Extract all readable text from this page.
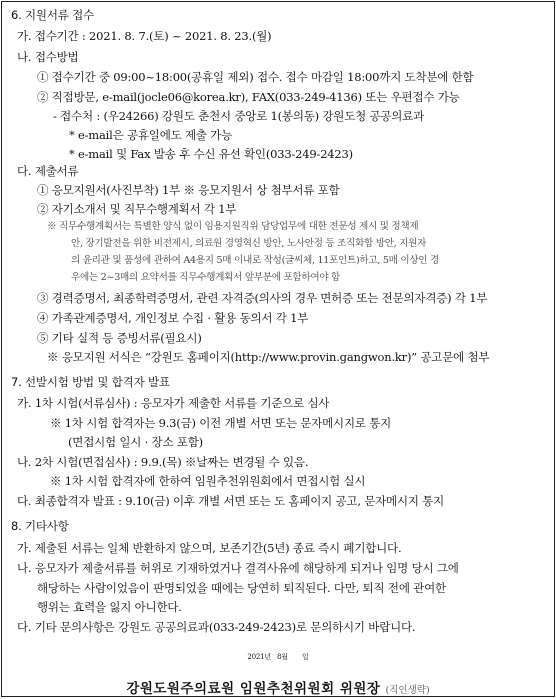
6. 지원서류 접수
가. 접수기간 : 2021. 8. 7.(토) ~ 2021. 8. 23.(월)
나. 접수방법
① 접수기간 중 09:00~18:00(공휴일 제외) 접수. 접수 마감일 18:00까지 도착분에 한함
② 직접방문, e-mail(jocle06@korea.kr), FAX(033-249-4136) 또는 우편접수 가능
- 접수처 : (우24266) 강원도 춘천시 중앙로 1(봉의동) 강원도청 공공의료과
* e-mail은 공휴일에도 제출 가능
* e-mail 및 Fax 발송 후 수신 유선 확인(033-249-2423)
다. 제출서류
① 응모지원서(사진부착) 1부 ※ 응모지원서 상 첨부서류 포함
② 자기소개서 및 직무수행계획서 각 1부
※ 직무수행계획서는 특별한 양식 없이 임용지원직위 담당업무에 대한 전문성 제시 및 정책제
안, 장기발전을 위한 비전제시, 의료원 경영혁신 방안, 노사안정 등 조직화합 방안, 지원자
의 윤리관 및 품성에 관하여 A4용지 5매 이내로 작성(글씨체, 11포인트)하고, 5매 이상인 경
우에는 2~3매의 요약서를 직무수행계획서 앞부분에 포함하여야 함
③ 경력증명서, 최종학력증명서, 관련 자격증(의사의 경우 면허증 또는 전문의자격증) 각 1부
④ 가족관계증명서, 개인정보 수집 · 활용 동의서 각 1부
⑤ 기타 실적 등 증빙서류(필요시)
※ 응모지원 서식은 “강원도 홈페이지(http://www.provin.gangwon.kr)” 공고문에 첨부
7. 선발시험 방법 및 합격자 발표
가. 1차 시험(서류심사) : 응모자가 제출한 서류를 기준으로 심사
※ 1차 시험 합격자는 9.3(금) 이전 개별 서면 또는 문자메시지로 통지
(면접시험 일시 · 장소 포함)
나. 2차 시험(면접심사) : 9.9.(목) ※날짜는 변경될 수 있음.
※ 1차 시험 합격자에 한하여 임원추천위원회에서 면접시험 실시
다. 최종합격자 발표 : 9.10(금) 이후 개별 서면 또는 도 홈페이지 공고, 문자메시지 통지
8. 기타사항
가. 제출된 서류는 일체 반환하지 않으며, 보존기간(5년) 종료 즉시 폐기합니다.
나. 응모자가 제출서류를 허위로 기재하였거나 결격사유에 해당하게 되거나 임명 당시 그에
해당하는 사람이었음이 판명되었을 때에는 당연히 퇴직된다. 다만, 퇴직 전에 관여한
행위는 효력을 잃지 아니한다.
다. 기타 문의사항은 강원도 공공의료과(033-249-2423)로 문의하시기 바랍니다.
2021년   8월       일
강원도원주의료원 임원추천위원회 위원장 (직인생략)
